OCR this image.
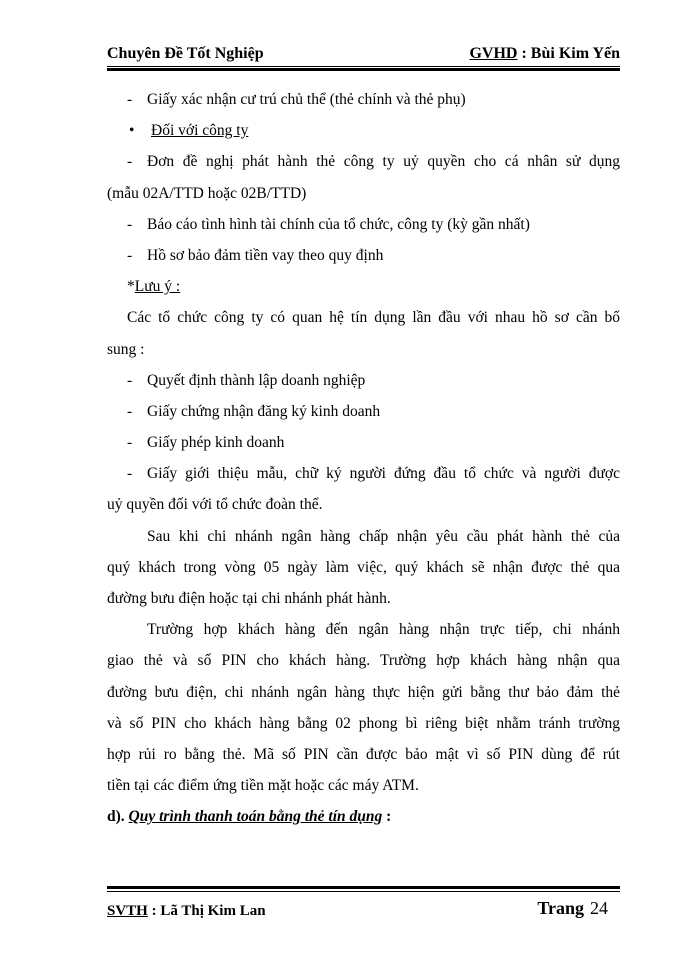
Chuyên Đề Tốt Nghiệp	GVHD : Bùi Kim Yến
- Giấy xác nhận cư trú chủ thể (thẻ chính và thẻ phụ)
• Đối với công ty
- Đơn đề nghị phát hành thẻ công ty uỷ quyền cho cá nhân sử dụng
(mẫu 02A/TTD hoặc 02B/TTD)
- Báo cáo tình hình tài chính của tổ chức, công ty (kỳ gần nhất)
- Hồ sơ bảo đảm tiền vay theo quy định
*Lưu ý :
Các tổ chức công ty có quan hệ tín dụng lần đầu với nhau hồ sơ cần bổ
sung :
- Quyết định thành lập doanh nghiệp
- Giấy chứng nhận đăng ký kinh doanh
- Giấy phép kinh doanh
- Giấy giới thiệu mẫu, chữ ký người đứng đầu tổ chức và người được
uỷ quyền đối với tổ chức đoàn thể.
Sau khi chi nhánh ngân hàng chấp nhận yêu cầu phát hành thẻ của
quý khách trong vòng 05 ngày làm việc, quý khách sẽ nhận được thẻ qua
đường bưu điện hoặc tại chi nhánh phát hành.
Trường hợp khách hàng đến ngân hàng nhận trực tiếp, chi nhánh
giao thẻ và số PIN cho khách hàng. Trường hợp khách hàng nhận qua
đường bưu điện, chi nhánh ngân hàng thực hiện gửi bằng thư bảo đảm thẻ
và số PIN cho khách hàng bằng 02 phong bì riêng biệt nhằm tránh trường
hợp rủi ro bằng thẻ. Mã số PIN cần được bảo mật vì số PIN dùng để rút
tiền tại các điểm ứng tiền mặt hoặc các máy ATM.
d). Quy trình thanh toán bằng thẻ tín dụng :
SVTH : Lã Thị Kim Lan	Trang 24
